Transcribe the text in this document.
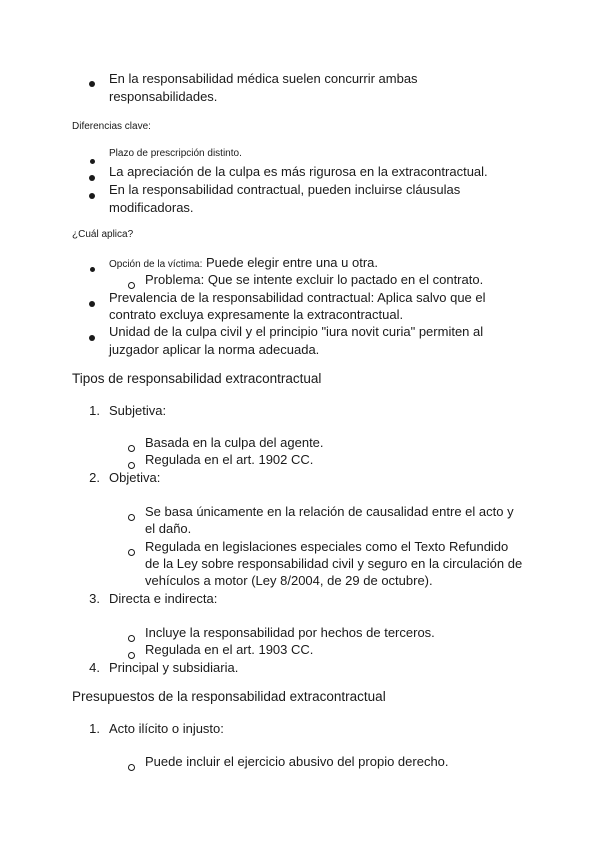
En la responsabilidad médica suelen concurrir ambas
responsabilidades.
Diferencias clave:
Plazo de prescripción distinto.
La apreciación de la culpa es más rigurosa en la extracontractual.
En la responsabilidad contractual, pueden incluirse cláusulas
modificadoras.
¿Cuál aplica?
Opción de la víctima: Puede elegir entre una u otra.
Problema: Que se intente excluir lo pactado en el contrato.
Prevalencia de la responsabilidad contractual: Aplica salvo que el
contrato excluya expresamente la extracontractual.
Unidad de la culpa civil y el principio "iura novit curia" permiten al
juzgador aplicar la norma adecuada.
Tipos de responsabilidad extracontractual
1. Subjetiva:
Basada en la culpa del agente.
Regulada en el art. 1902 CC.
2. Objetiva:
Se basa únicamente en la relación de causalidad entre el acto y
el daño.
Regulada en legislaciones especiales como el Texto Refundido
de la Ley sobre responsabilidad civil y seguro en la circulación de
vehículos a motor (Ley 8/2004, de 29 de octubre).
3. Directa e indirecta:
Incluye la responsabilidad por hechos de terceros.
Regulada en el art. 1903 CC.
4. Principal y subsidiaria.
Presupuestos de la responsabilidad extracontractual
1. Acto ilícito o injusto:
Puede incluir el ejercicio abusivo del propio derecho.
